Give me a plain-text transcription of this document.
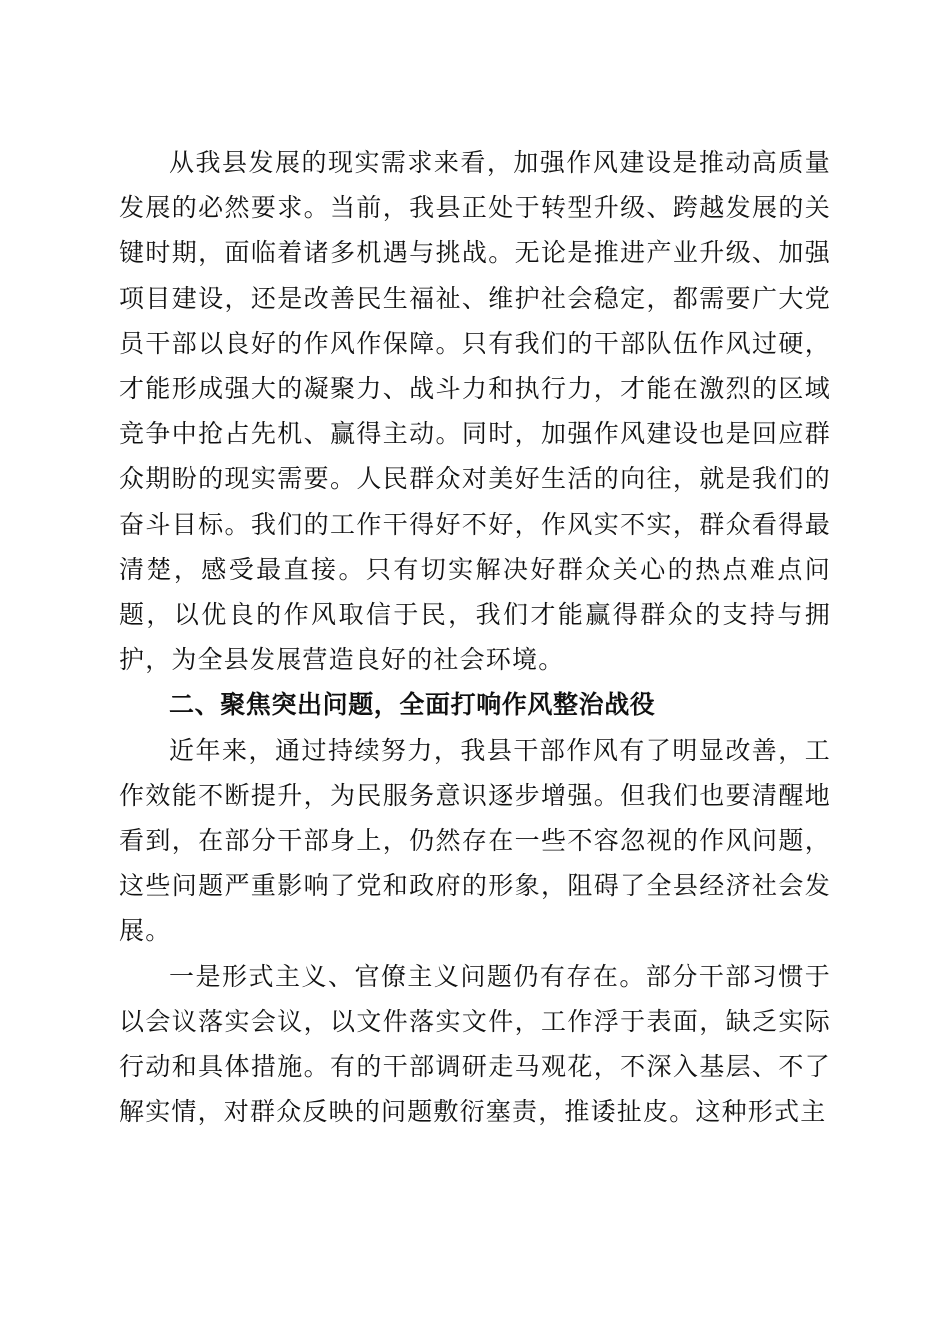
从我县发展的现实需求来看，加强作风建设是推动高质量发展的必然要求。当前，我县正处于转型升级、跨越发展的关键时期，面临着诸多机遇与挑战。无论是推进产业升级、加强项目建设，还是改善民生福祉、维护社会稳定，都需要广大党员干部以良好的作风作保障。只有我们的干部队伍作风过硬，才能形成强大的凝聚力、战斗力和执行力，才能在激烈的区域竞争中抢占先机、赢得主动。同时，加强作风建设也是回应群众期盼的现实需要。人民群众对美好生活的向往，就是我们的奋斗目标。我们的工作干得好不好，作风实不实，群众看得最清楚，感受最直接。只有切实解决好群众关心的热点难点问题，以优良的作风取信于民，我们才能赢得群众的支持与拥护，为全县发展营造良好的社会环境。

二、聚焦突出问题，全面打响作风整治战役

近年来，通过持续努力，我县干部作风有了明显改善，工作效能不断提升，为民服务意识逐步增强。但我们也要清醒地看到，在部分干部身上，仍然存在一些不容忽视的作风问题，这些问题严重影响了党和政府的形象，阻碍了全县经济社会发展。

一是形式主义、官僚主义问题仍有存在。部分干部习惯于以会议落实会议，以文件落实文件，工作浮于表面，缺乏实际行动和具体措施。有的干部调研走马观花，不深入基层、不了解实情，对群众反映的问题敷衍塞责，推诿扯皮。这种形式主
